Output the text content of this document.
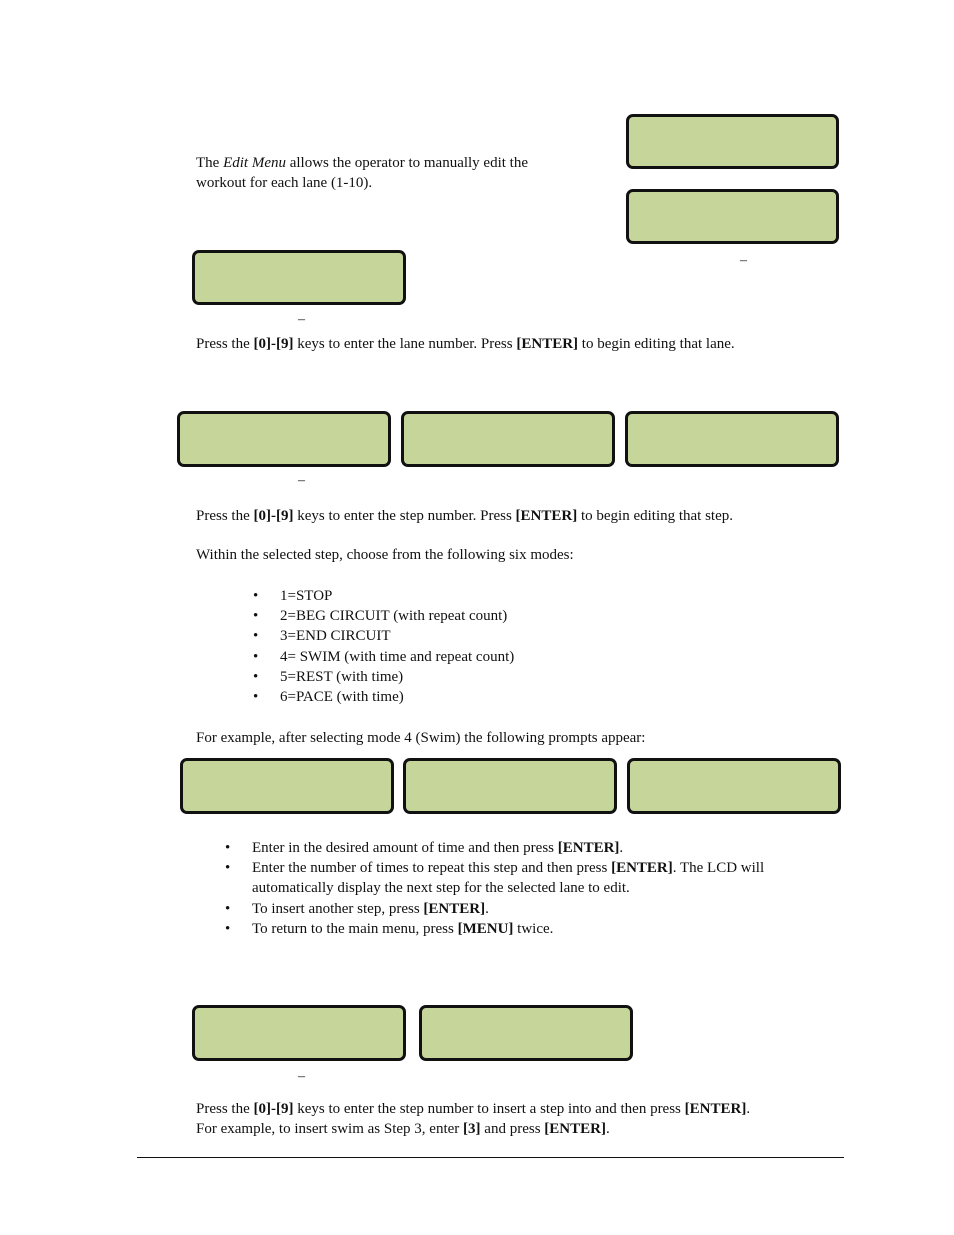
The Edit Menu allows the operator to manually edit the
workout for each lane (1-10).

–

–
Press the [0]-[9] keys to enter the lane number. Press [ENTER] to begin editing that lane.

–
Press the [0]-[9] keys to enter the step number. Press [ENTER] to begin editing that step.
Within the selected step, choose from the following six modes:
• 1=STOP
• 2=BEG CIRCUIT (with repeat count)
• 3=END CIRCUIT
• 4= SWIM (with time and repeat count)
• 5=REST (with time)
• 6=PACE (with time)
For example, after selecting mode 4 (Swim) the following prompts appear:

• Enter in the desired amount of time and then press [ENTER].
• Enter the number of times to repeat this step and then press [ENTER]. The LCD will
automatically display the next step for the selected lane to edit.
• To insert another step, press [ENTER].
• To return to the main menu, press [MENU] twice.

–
Press the [0]-[9] keys to enter the step number to insert a step into and then press [ENTER].
For example, to insert swim as Step 3, enter [3] and press [ENTER].
